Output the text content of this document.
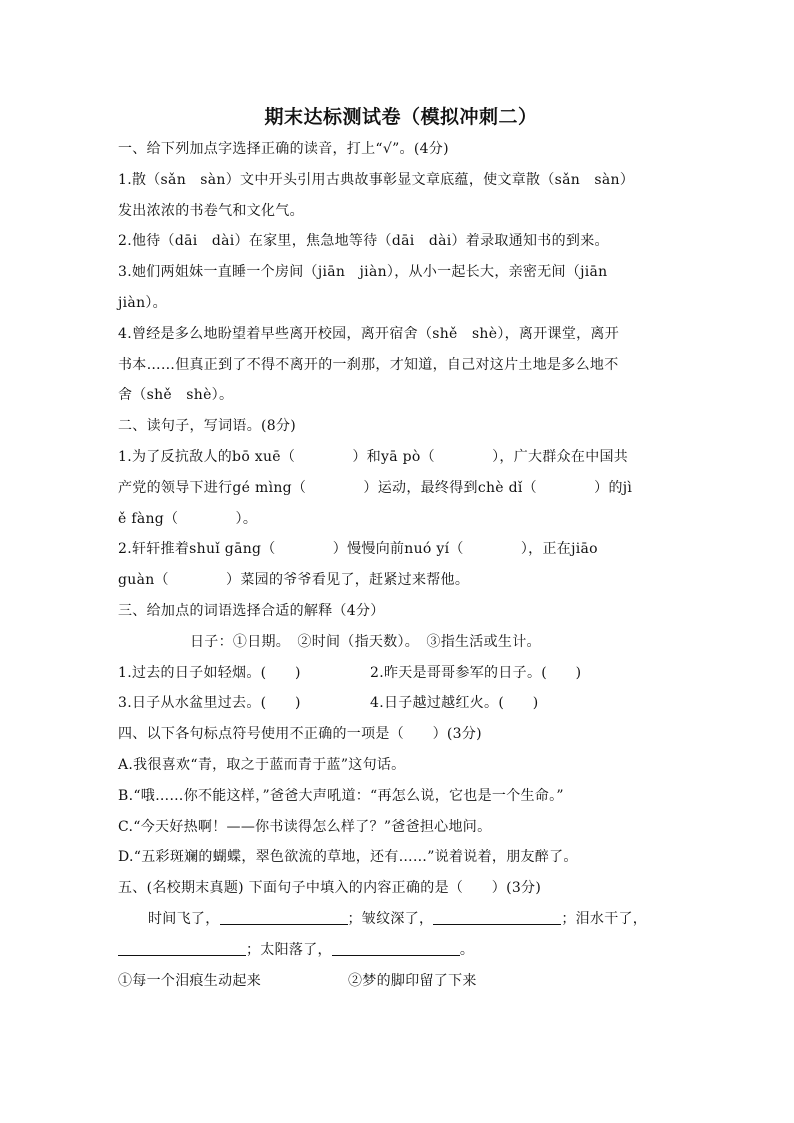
期末达标测试卷（模拟冲刺二）
一、给下列加点字选择正确的读音，打上“√”。(4分)
1.散（sǎn　sàn）文中开头引用古典故事彰显文章底蕴，使文章散（sǎn　sàn）
发出浓浓的书卷气和文化气。
2.他待（dāi　dài）在家里，焦急地等待（dāi　dài）着录取通知书的到来。
3.她们两姐妹一直睡一个房间（jiān　jiàn），从小一起长大，亲密无间（jiān
jiàn）。
4.曾经是多么地盼望着早些离开校园，离开宿舍（shě　shè），离开课堂，离开
书本……但真正到了不得不离开的一刹那，才知道，自己对这片土地是多么地不
舍（shě　shè）。
二、读句子，写词语。(8分)
1.为了反抗敌人的bō xuē（　　　　）和yā pò（　　　　），广大群众在中国共
产党的领导下进行gé mìng（　　　　）运动，最终得到chè dǐ（　　　　）的jì
ě fàng（　　　　）。
2.轩轩推着shuǐ gāng（　　　　）慢慢向前nuó yí（　　　　），正在jiāo
guàn（　　　　）菜园的爷爷看见了，赶紧过来帮他。
三、给加点的词语选择合适的解释（4分）
日子：①日期。　②时间（指天数）。　③指生活或生计。
1.过去的日子如轻烟。(　　)	2.昨天是哥哥参军的日子。(　　)
3.日子从水盆里过去。(　　)	4.日子越过越红火。(　　)
四、以下各句标点符号使用不正确的一项是（　　）(3分)
A.我很喜欢“青，取之于蓝而青于蓝”这句话。
B.“哦……你不能这样，”爸爸大声吼道：“再怎么说，它也是一个生命。”
C.“今天好热啊！——你书读得怎么样了？”爸爸担心地问。
D.“五彩斑斓的蝴蝶，翠色欲流的草地，还有……”说着说着，朋友醉了。
五、(名校期末真题) 下面句子中填入的内容正确的是（　　）(3分)
时间飞了，	；皱纹深了，	；泪水干了，
；太阳落了，	。
①每一个泪痕生动起来	②梦的脚印留了下来
